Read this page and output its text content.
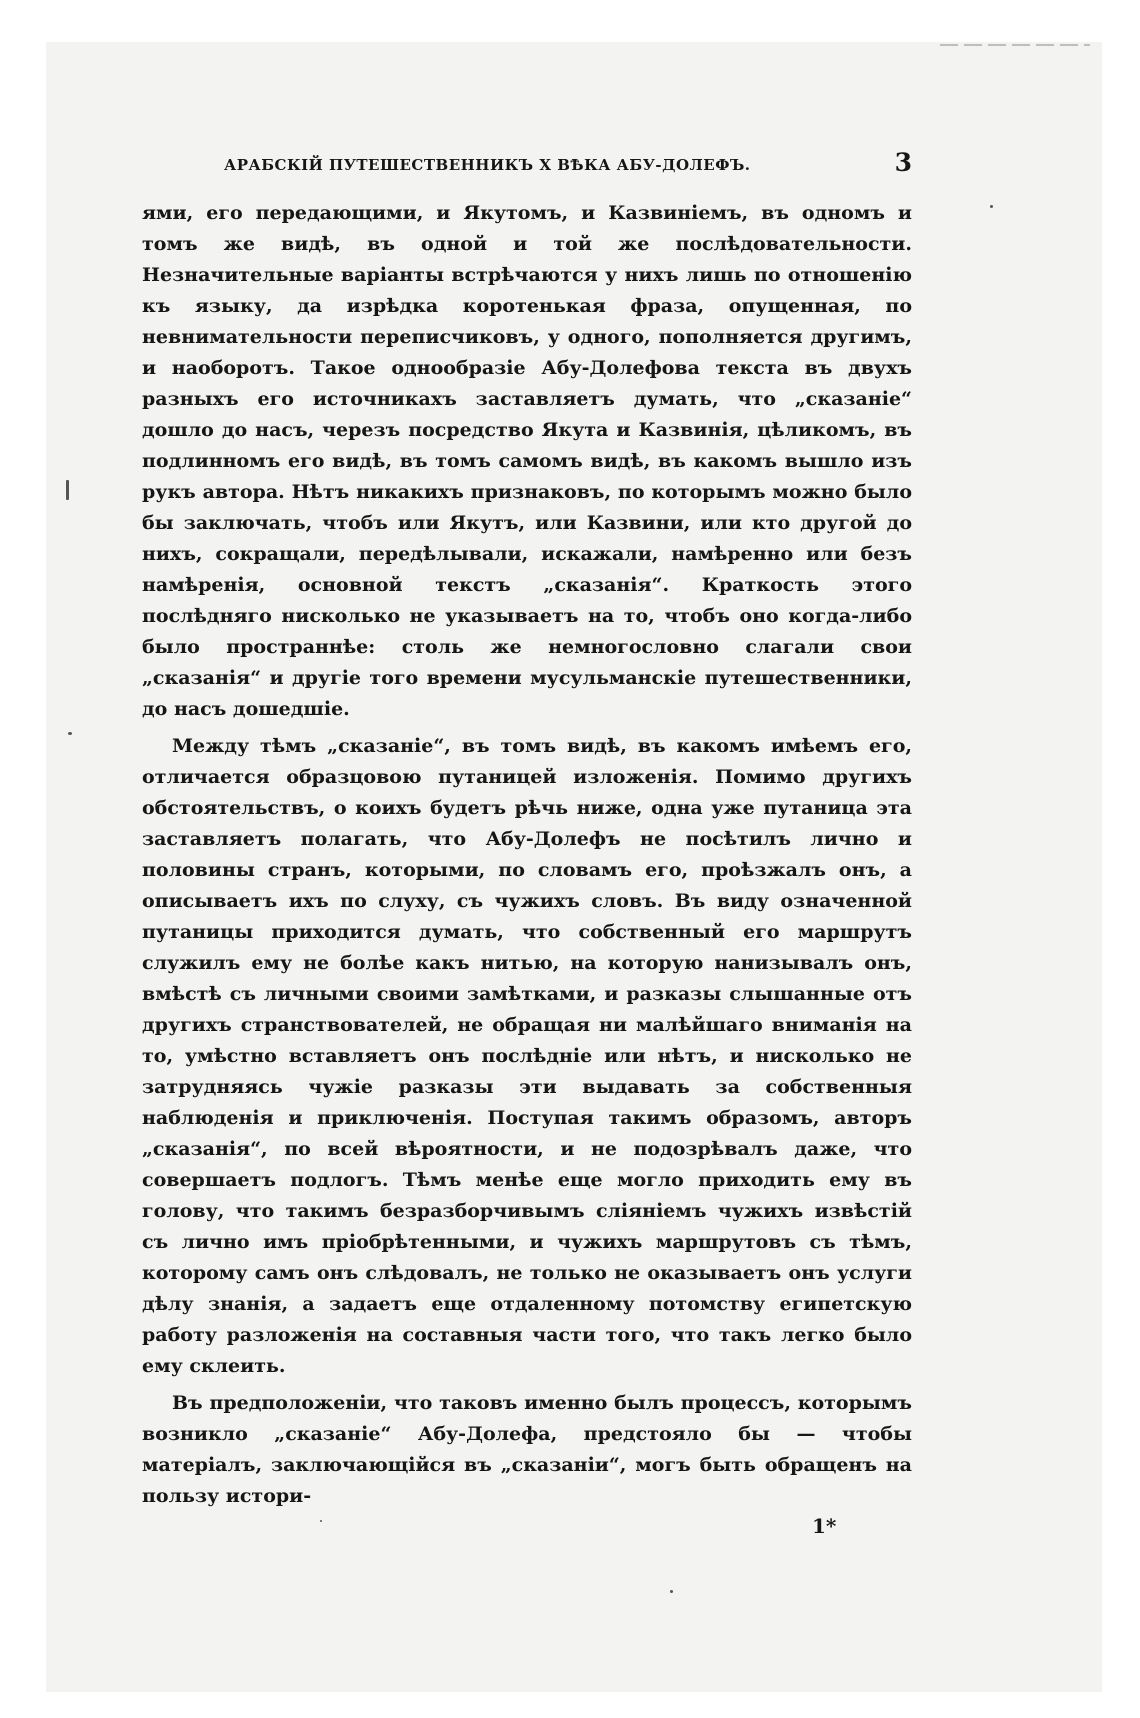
АРАБСКIЙ ПУТЕШЕСТВЕННИКЪ Х ВѢКА АБУ-ДОЛЕФЪ.	3

ями, его передающими, и Якутомъ, и Казвиніемъ, въ одномъ и томъ же видѣ, въ одной и той же послѣдовательности. Незначительные варіанты встрѣчаются у нихъ лишь по отношенію къ языку, да изрѣдка коротенькая фраза, опущенная, по невнимательности переписчиковъ, у одного, пополняется другимъ, и наоборотъ. Такое однообразіе Абу-Долефова текста въ двухъ разныхъ его источникахъ заставляетъ думать, что „сказаніе“ дошло до насъ, черезъ посредство Якута и Казвинія, цѣликомъ, въ подлинномъ его видѣ, въ томъ самомъ видѣ, въ какомъ вышло изъ рукъ автора. Нѣтъ никакихъ признаковъ, по которымъ можно было бы заключать, чтобъ или Якутъ, или Казвини, или кто другой до нихъ, сокращали, передѣлывали, искажали, намѣренно или безъ намѣренія, основной текстъ „сказанія“. Краткость этого послѣдняго нисколько не указываетъ на то, чтобъ оно когда-либо было пространнѣе: столь же немногословно слагали свои „сказанія“ и другіе того времени мусульманскіе путешественники, до насъ дошедшіе.

Между тѣмъ „сказаніе“, въ томъ видѣ, въ какомъ имѣемъ его, отличается образцовою путаницей изложенія. Помимо другихъ обстоятельствъ, о коихъ будетъ рѣчь ниже, одна уже путаница эта заставляетъ полагать, что Абу-Долефъ не посѣтилъ лично и половины странъ, которыми, по словамъ его, проѣзжалъ онъ, а описываетъ ихъ по слуху, съ чужихъ словъ. Въ виду означенной путаницы приходится думать, что собственный его маршрутъ служилъ ему не болѣе какъ нитью, на которую нанизывалъ онъ, вмѣстѣ съ личными своими замѣтками, и разказы слышанные отъ другихъ странствователей, не обращая ни малѣйшаго вниманія на то, умѣстно вставляетъ онъ послѣдніе или нѣтъ, и нисколько не затрудняясь чужіе разказы эти выдавать за собственныя наблюденія и приключенія. Поступая такимъ образомъ, авторъ „сказанія“, по всей вѣроятности, и не подозрѣвалъ даже, что совершаетъ подлогъ. Тѣмъ менѣе еще могло приходить ему въ голову, что такимъ безразборчивымъ сліяніемъ чужихъ извѣстій съ лично имъ пріобрѣтенными, и чужихъ маршрутовъ съ тѣмъ, которому самъ онъ слѣдовалъ, не только не оказываетъ онъ услуги дѣлу знанія, а задаетъ еще отдаленному потомству египетскую работу разложенія на составныя части того, что такъ легко было ему склеить.

Въ предположеніи, что таковъ именно былъ процессъ, которымъ возникло „сказаніе“ Абу-Долефа, предстояло бы — чтобы матеріалъ, заключающійся въ „сказаніи“, могъ быть обращенъ на пользу истори-

1*
